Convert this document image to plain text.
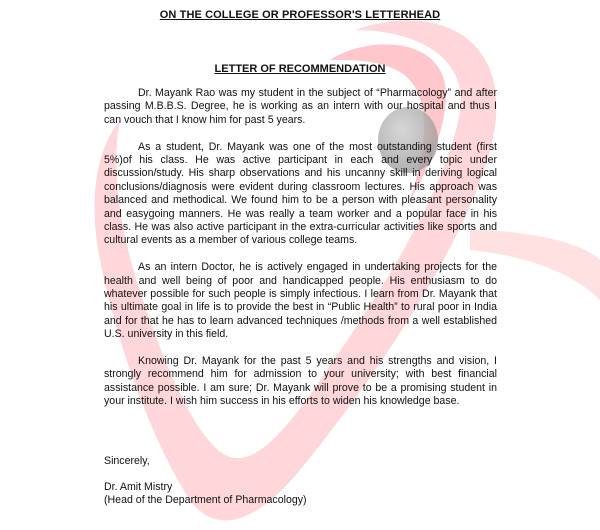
ON THE COLLEGE OR PROFESSOR'S LETTERHEAD
LETTER OF RECOMMENDATION

Dr. Mayank Rao was my student in the subject of “Pharmacology” and after passing M.B.B.S. Degree, he is working as an intern with our hospital and thus I can vouch that I know him for past 5 years.

As a student, Dr. Mayank was one of the most outstanding student (first 5%)of his class. He was active participant in each and every topic under discussion/study. His sharp observations and his uncanny skill in deriving logical conclusions/diagnosis were evident during classroom lectures. His approach was balanced and methodical. We found him to be a person with pleasant personality and easygoing manners. He was really a team worker and a popular face in his class. He was also active participant in the extra-curricular activities like sports and cultural events as a member of various college teams.

As an intern Doctor, he is actively engaged in undertaking projects for the health and well being of poor and handicapped people. His enthusiasm to do whatever possible for such people is simply infectious. I learn from Dr. Mayank that his ultimate goal in life is to provide the best in “Public Health” to rural poor in India and for that he has to learn advanced techniques /methods from a well established U.S. university in this field.

Knowing Dr. Mayank for the past 5 years and his strengths and vision, I strongly recommend him for admission to your university; with best financial assistance possible. I am sure; Dr. Mayank will prove to be a promising student in your institute. I wish him success in his efforts to widen his knowledge base.

Sincerely,
Dr. Amit Mistry
(Head of the Department of Pharmacology)
